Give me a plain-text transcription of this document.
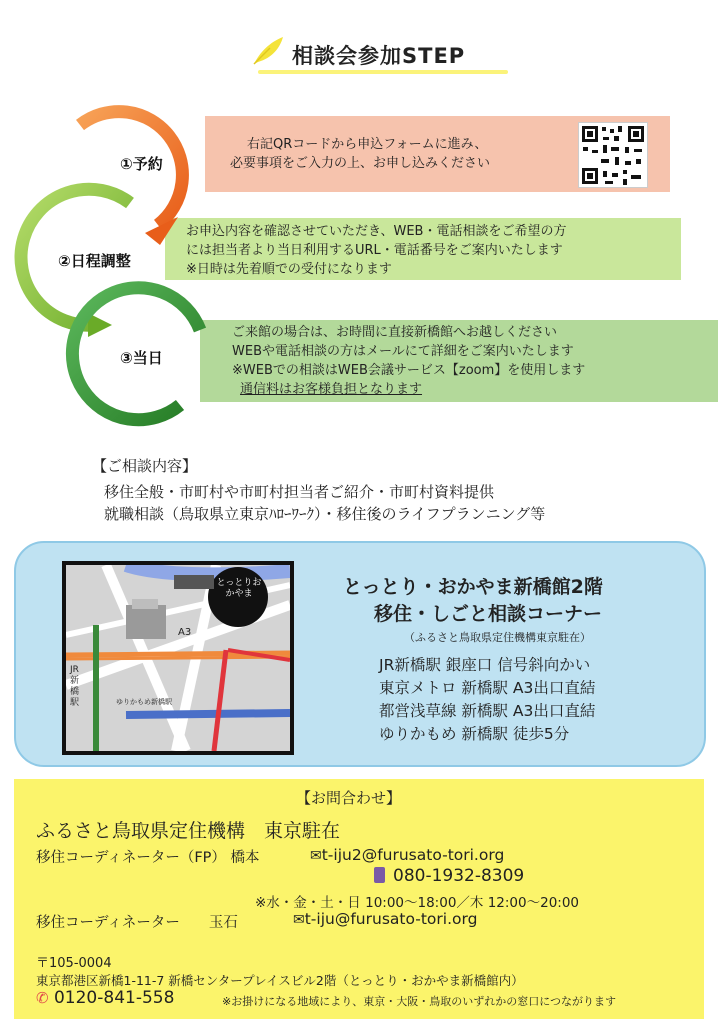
相談会参加STEP
①予約
②日程調整
③当日
右記QRコードから申込フォームに進み、
必要事項をご入力の上、お申し込みください
お申込内容を確認させていただき、WEB・電話相談をご希望の方
には担当者より当日利用するURL・電話番号をご案内いたします
※日時は先着順での受付になります
ご来館の場合は、お時間に直接新橋館へお越しください
WEBや電話相談の方はメールにて詳細をご案内いたします
※WEBでの相談はWEB会議サービス【zoom】を使用します
通信料はお客様負担となります
【ご相談内容】
移住全般・市町村や市町村担当者ご紹介・市町村資料提供
就職相談（鳥取県立東京ﾊﾛｰﾜｰｸ）・移住後のライフプランニング等
とっとりおかやま
A3
JR新橋駅	ゆりかもめ新橋駅
とっとり・おかやま新橋館2階
移住・しごと相談コーナー
（ふるさと鳥取県定住機構東京駐在）
JR新橋駅 銀座口 信号斜向かい
東京メトロ 新橋駅 A3出口直結
都営浅草線 新橋駅 A3出口直結
ゆりかもめ 新橋駅 徒歩5分
【お問合わせ】
ふるさと鳥取県定住機構　東京駐在
移住コーディネーター（FP） 橋本	✉t-iju2@furusato-tori.org
080-1932-8309
※水・金・土・日 10:00～18:00／木 12:00～20:00
移住コーディネーター　　玉石	✉t-iju@furusato-tori.org
〒105-0004
東京都港区新橋1-11-7 新橋センタープレイスビル2階（とっとり・おかやま新橋館内）
✆ 0120-841-558	※お掛けになる地域により、東京・大阪・鳥取のいずれかの窓口につながります
